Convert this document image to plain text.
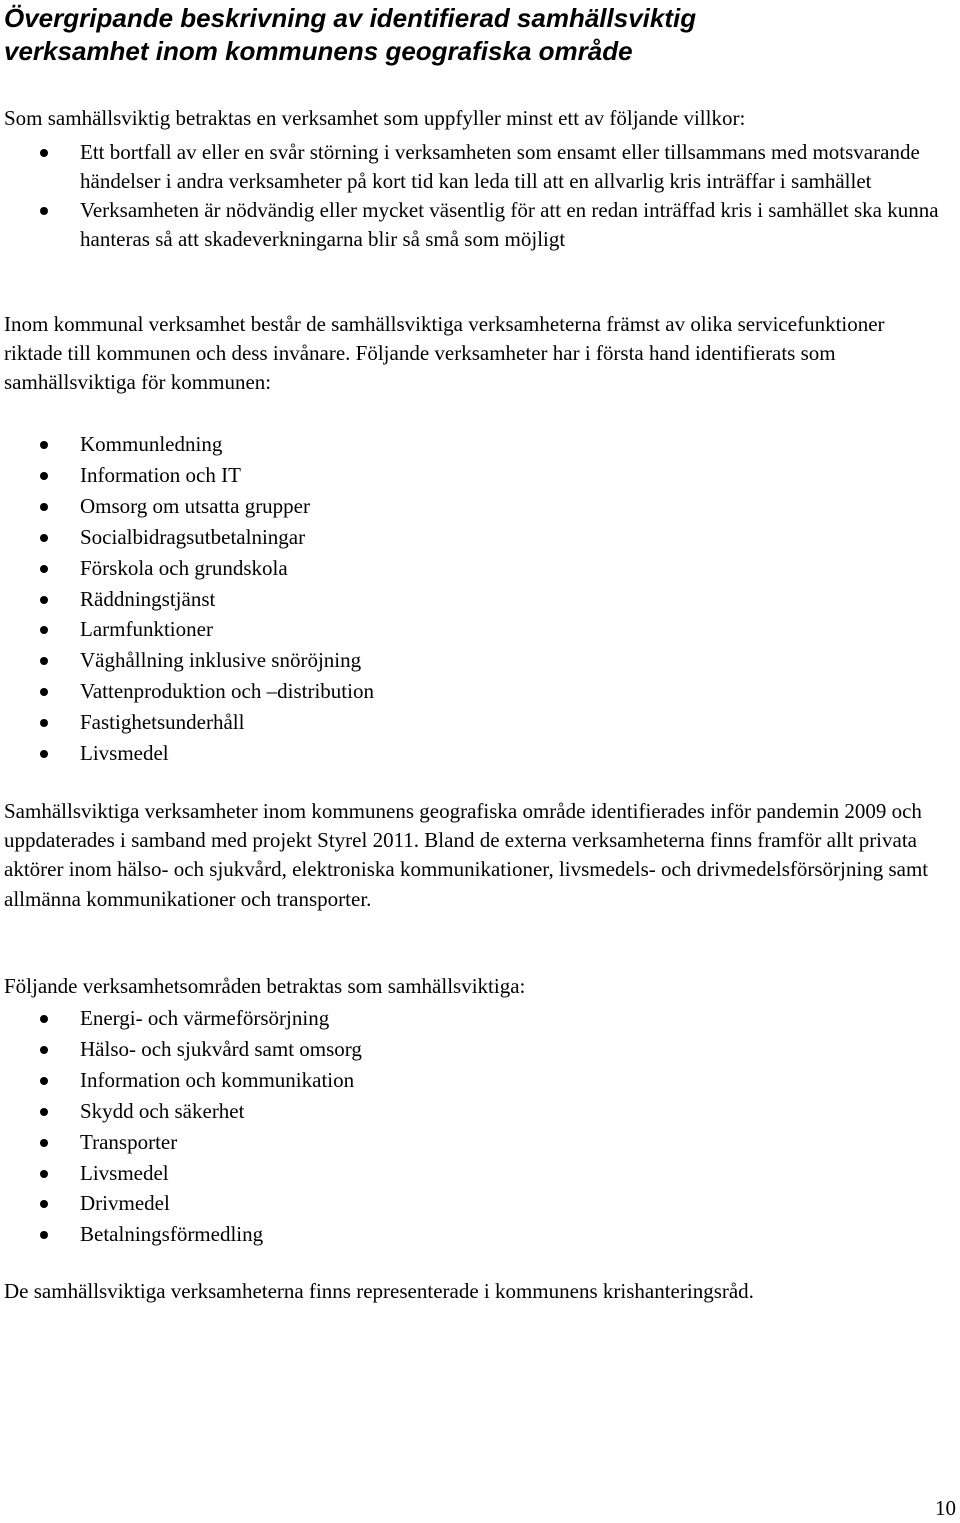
Övergripande beskrivning av identifierad samhällsviktig
verksamhet inom kommunens geografiska område

Som samhällsviktig betraktas en verksamhet som uppfyller minst ett av följande villkor:

Ett bortfall av eller en svår störning i verksamheten som ensamt eller tillsammans med motsvarande händelser i andra verksamheter på kort tid kan leda till att en allvarlig kris inträffar i samhället
Verksamheten är nödvändig eller mycket väsentlig för att en redan inträffad kris i samhället ska kunna hanteras så att skadeverkningarna blir så små som möjligt

Inom kommunal verksamhet består de samhällsviktiga verksamheterna främst av olika servicefunktioner riktade till kommunen och dess invånare. Följande verksamheter har i första hand identifierats som samhällsviktiga för kommunen:

Kommunledning
Information och IT
Omsorg om utsatta grupper
Socialbidragsutbetalningar
Förskola och grundskola
Räddningstjänst
Larmfunktioner
Väghållning inklusive snöröjning
Vattenproduktion och –distribution
Fastighetsunderhåll
Livsmedel

Samhällsviktiga verksamheter inom kommunens geografiska område identifierades inför pandemin 2009 och uppdaterades i samband med projekt Styrel 2011. Bland de externa verksamheterna finns framför allt privata aktörer inom hälso- och sjukvård, elektroniska kommunikationer, livsmedels- och drivmedelsförsörjning samt allmänna kommunikationer och transporter.

Följande verksamhetsområden betraktas som samhällsviktiga:

Energi- och värmeförsörjning
Hälso- och sjukvård samt omsorg
Information och kommunikation
Skydd och säkerhet
Transporter
Livsmedel
Drivmedel
Betalningsförmedling

De samhällsviktiga verksamheterna finns representerade i kommunens krishanteringsråd.

10
